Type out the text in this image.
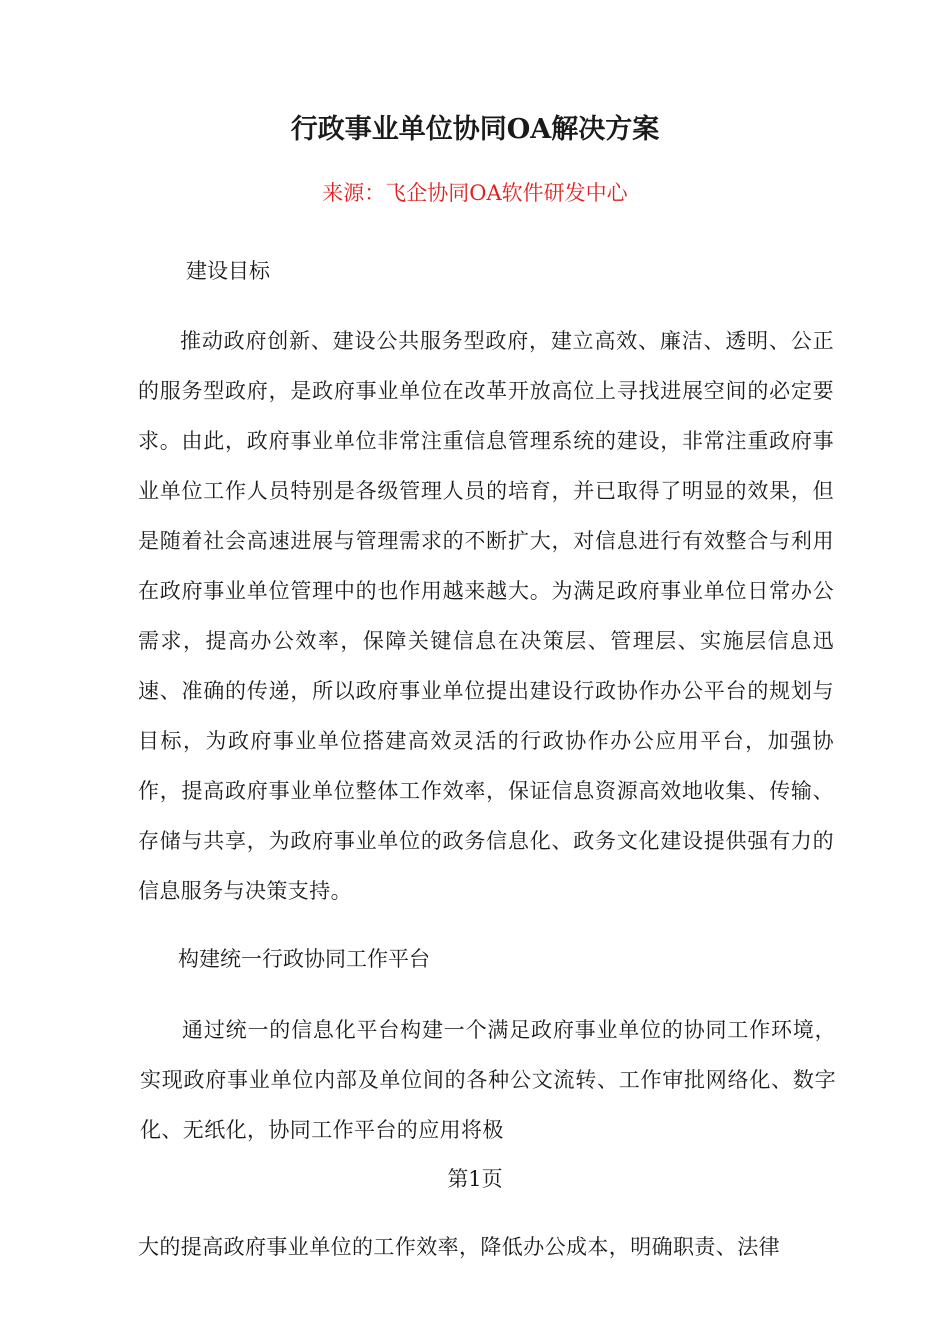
行政事业单位协同OA解决方案
来源：飞企协同OA软件研发中心
建设目标

推动政府创新、建设公共服务型政府，建立高效、廉洁、透明、公正的服务型政府，是政府事业单位在改革开放高位上寻找进展空间的必定要求。由此，政府事业单位非常注重信息管理系统的建设，非常注重政府事业单位工作人员特别是各级管理人员的培育，并已取得了明显的效果，但是随着社会高速进展与管理需求的不断扩大，对信息进行有效整合与利用在政府事业单位管理中的也作用越来越大。为满足政府事业单位日常办公需求，提高办公效率，保障关键信息在决策层、管理层、实施层信息迅速、准确的传递，所以政府事业单位提出建设行政协作办公平台的规划与目标，为政府事业单位搭建高效灵活的行政协作办公应用平台，加强协作，提高政府事业单位整体工作效率，保证信息资源高效地收集、传输、存储与共享，为政府事业单位的政务信息化、政务文化建设提供强有力的信息服务与决策支持。

构建统一行政协同工作平台

通过统一的信息化平台构建一个满足政府事业单位的协同工作环境，实现政府事业单位内部及单位间的各种公文流转、工作审批网络化、数字化、无纸化，协同工作平台的应用将极

第1页

大的提高政府事业单位的工作效率，降低办公成本，明确职责、法律
